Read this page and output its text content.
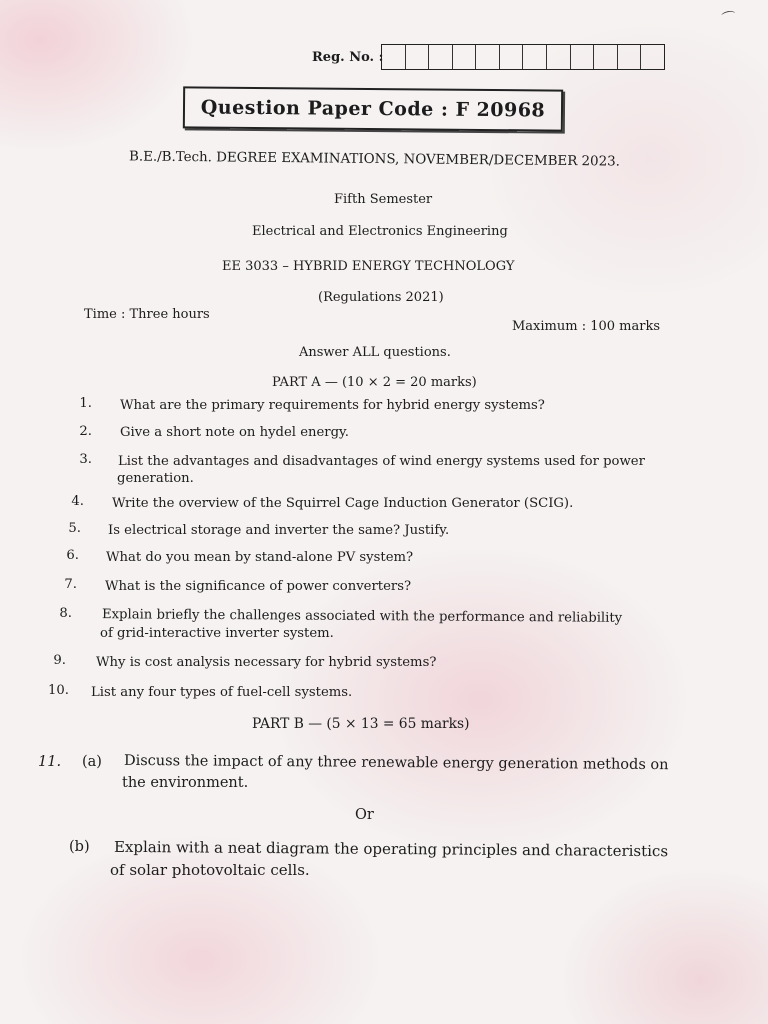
⌒
Reg. No. :
Question Paper Code : F 20968
B.E./B.Tech. DEGREE EXAMINATIONS, NOVEMBER/DECEMBER 2023.
Fifth Semester
Electrical and Electronics Engineering
EE 3033 – HYBRID ENERGY TECHNOLOGY
(Regulations 2021)
Time : Three hours
Maximum : 100 marks
Answer ALL questions.
PART A — (10 × 2 = 20 marks)
1. What are the primary requirements for hybrid energy systems?
2. Give a short note on hydel energy.
3. List the advantages and disadvantages of wind energy systems used for power
generation.
4. Write the overview of the Squirrel Cage Induction Generator (SCIG).
5. Is electrical storage and inverter the same? Justify.
6. What do you mean by stand-alone PV system?
7. What is the significance of power converters?
8. Explain briefly the challenges associated with the performance and reliability
of grid-interactive inverter system.
9. Why is cost analysis necessary for hybrid systems?
10. List any four types of fuel-cell systems.
PART B — (5 × 13 = 65 marks)
11. (a) Discuss the impact of any three renewable energy generation methods on
the environment.
Or
(b) Explain with a neat diagram the operating principles and characteristics
of solar photovoltaic cells.
